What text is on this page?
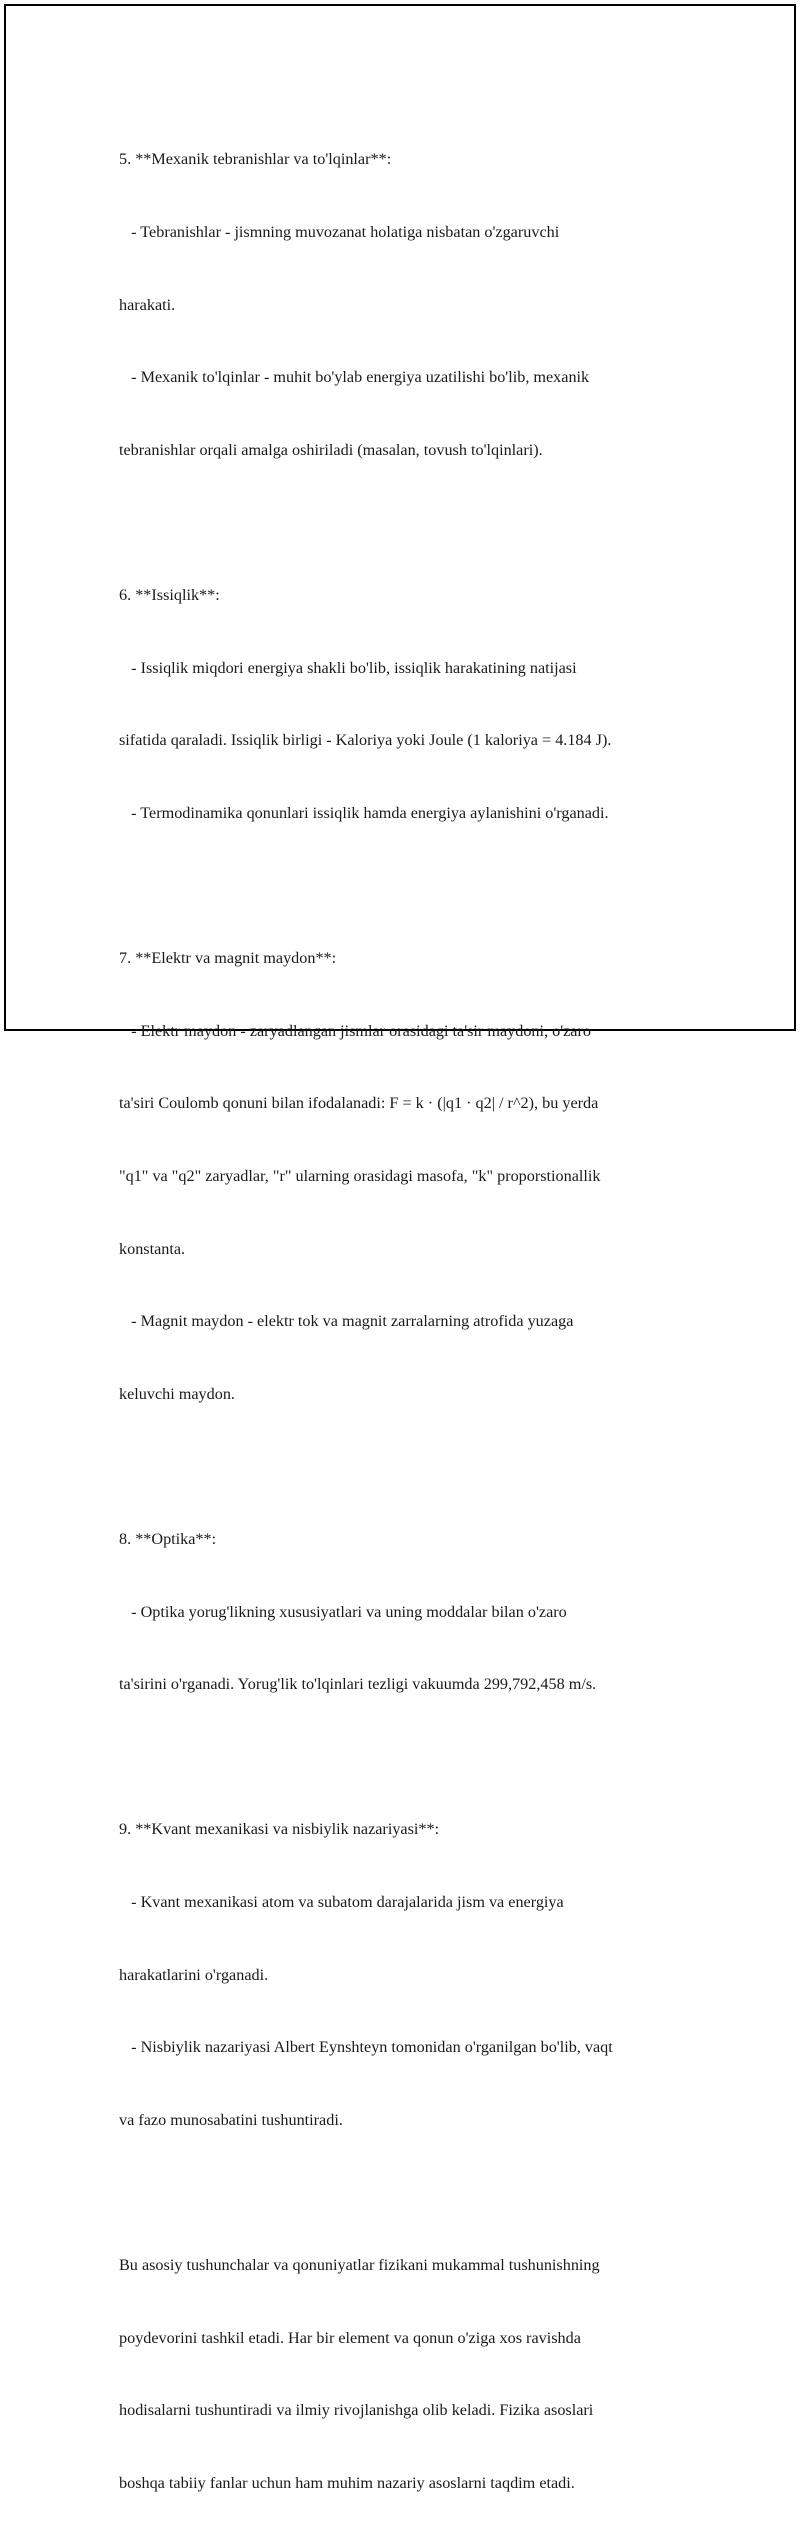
5. **Mexanik tebranishlar va to'lqinlar**:

- Tebranishlar - jismning muvozanat holatiga nisbatan o'zgaruvchi

harakati.

- Mexanik to'lqinlar - muhit bo'ylab energiya uzatilishi bo'lib, mexanik

tebranishlar orqali amalga oshiriladi (masalan, tovush to'lqinlari).

6. **Issiqlik**:

- Issiqlik miqdori energiya shakli bo'lib, issiqlik harakatining natijasi

sifatida qaraladi. Issiqlik birligi - Kaloriya yoki Joule (1 kaloriya = 4.184 J).

- Termodinamika qonunlari issiqlik hamda energiya aylanishini o'rganadi.

7. **Elektr va magnit maydon**:

- Elektr maydon - zaryadlangan jismlar orasidagi ta'sir maydoni, o'zaro

ta'siri Coulomb qonuni bilan ifodalanadi: F = k · (|q1 · q2| / r^2), bu yerda

"q1" va "q2" zaryadlar, "r" ularning orasidagi masofa, "k" proporstionallik

konstanta.

- Magnit maydon - elektr tok va magnit zarralarning atrofida yuzaga

keluvchi maydon.

8. **Optika**:

- Optika yorug'likning xususiyatlari va uning moddalar bilan o'zaro

ta'sirini o'rganadi. Yorug'lik to'lqinlari tezligi vakuumda 299,792,458 m/s.

9. **Kvant mexanikasi va nisbiylik nazariyasi**:

- Kvant mexanikasi atom va subatom darajalarida jism va energiya

harakatlarini o'rganadi.

- Nisbiylik nazariyasi Albert Eynshteyn tomonidan o'rganilgan bo'lib, vaqt

va fazo munosabatini tushuntiradi.

Bu asosiy tushunchalar va qonuniyatlar fizikani mukammal tushunishning

poydevorini tashkil etadi. Har bir element va qonun o'ziga xos ravishda

hodisalarni tushuntiradi va ilmiy rivojlanishga olib keladi. Fizika asoslari

boshqa tabiiy fanlar uchun ham muhim nazariy asoslarni taqdim etadi.
